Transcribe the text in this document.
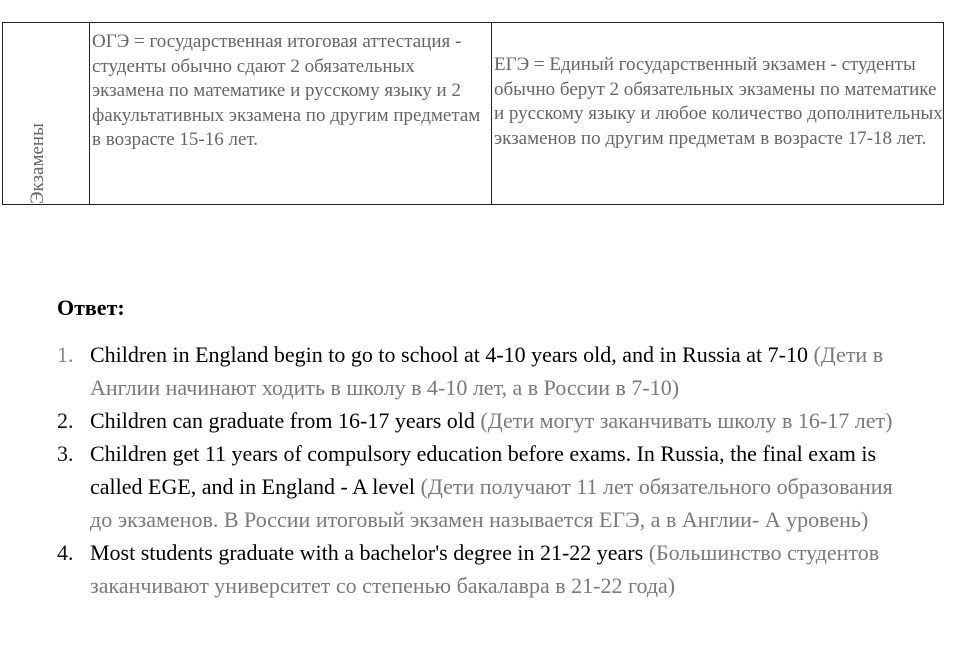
Экзамены
ОГЭ = государственная итоговая аттестация - студенты обычно сдают 2 обязательных экзамена по математике и русскому языку и 2 факультативных экзамена по другим предметам в возрасте 15-16 лет.
ЕГЭ = Единый государственный экзамен - студенты обычно берут 2 обязательных экзамены по математике и русскому языку и любое количество дополнительных экзаменов по другим предметам в возрасте 17-18 лет.
Ответ:
1. Children in England begin to go to school at 4-10 years old, and in Russia at 7-10 (Дети в Англии начинают ходить в школу в 4-10 лет, а в России в 7-10)
2. Children can graduate from 16-17 years old (Дети могут заканчивать школу в 16-17 лет)
3. Children get 11 years of compulsory education before exams. In Russia, the final exam is called EGE, and in England - A level (Дети получают 11 лет обязательного образования до экзаменов. В России итоговый экзамен называется ЕГЭ, а в Англии- А уровень)
4. Most students graduate with a bachelor's degree in 21-22 years (Большинство студентов заканчивают университет со степенью бакалавра в 21-22 года)
